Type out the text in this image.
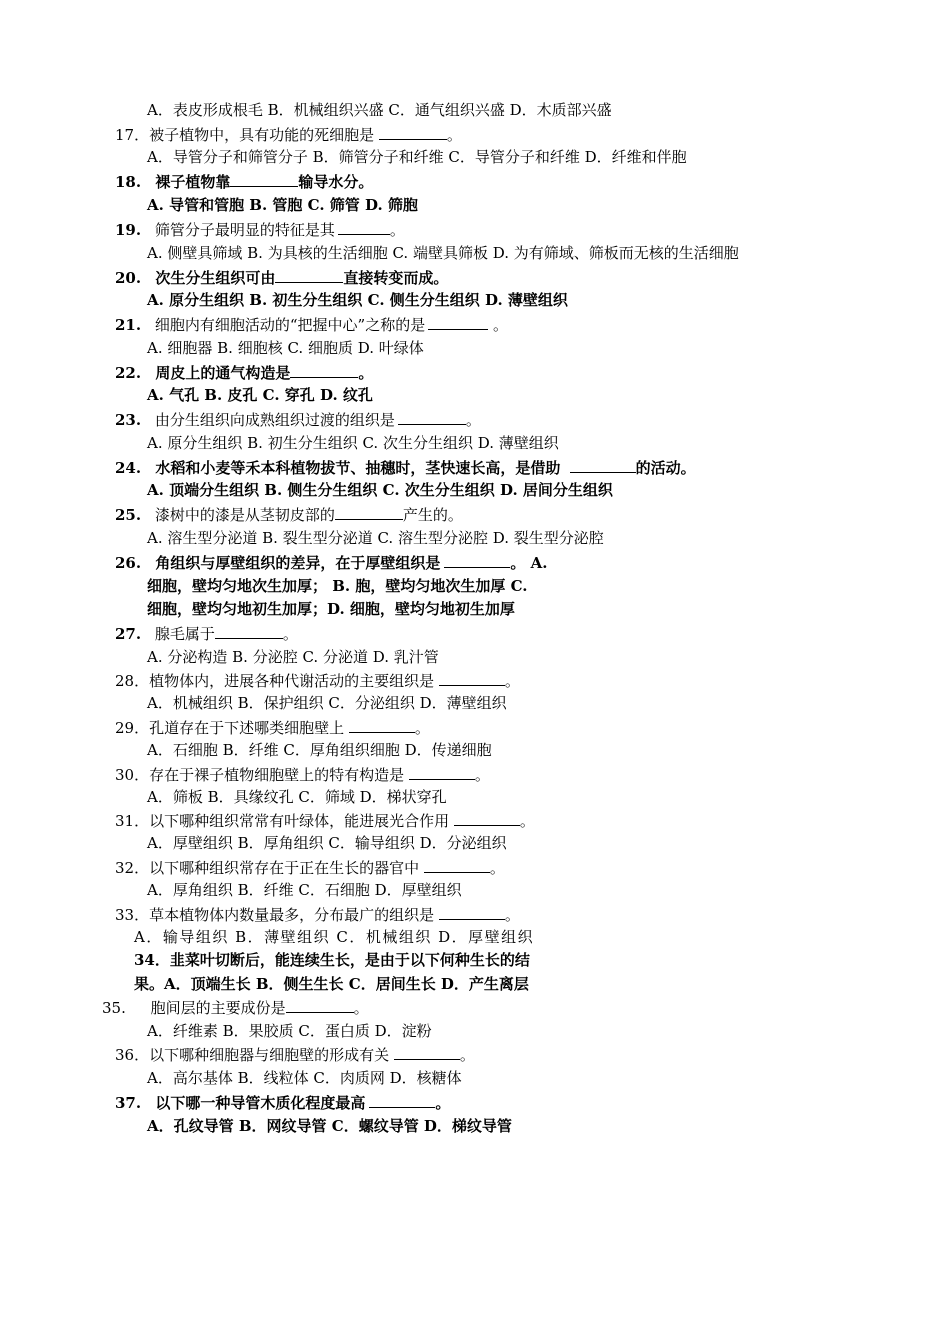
A．表皮形成根毛 B．机械组织兴盛 C．通气组织兴盛 D．木质部兴盛
17．被子植物中，具有功能的死细胞是	。
A．导管分子和筛管分子 B．筛管分子和纤维 C．导管分子和纤维 D．纤维和伴胞
18. 裸子植物靠	输导水分。
A. 导管和管胞 B. 管胞 C. 筛管 D. 筛胞
19. 筛管分子最明显的特征是其	。
A. 侧壁具筛域 B. 为具核的生活细胞 C. 端壁具筛板 D. 为有筛域、筛板而无核的生活细胞
20. 次生分生组织可由	直接转变而成。
A. 原分生组织 B. 初生分生组织 C. 侧生分生组织 D. 薄壁组织
21. 细胞内有细胞活动的“把握中心”之称的是	。
A. 细胞器 B. 细胞核 C. 细胞质 D. 叶绿体
22. 周皮上的通气构造是	。
A. 气孔 B. 皮孔 C. 穿孔 D. 纹孔
23. 由分生组织向成熟组织过渡的组织是	。
A. 原分生组织 B. 初生分生组织 C. 次生分生组织 D. 薄壁组织
24. 水稻和小麦等禾本科植物拔节、抽穗时，茎快速长高，是借助	的活动。
A. 顶端分生组织 B. 侧生分生组织 C. 次生分生组织 D. 居间分生组织
25. 漆树中的漆是从茎韧皮部的	产生的。
A. 溶生型分泌道 B. 裂生型分泌道 C. 溶生型分泌腔 D. 裂生型分泌腔
26. 角组织与厚壁组织的差异，在于厚壁组织是	。 A.
细胞，壁均匀地次生加厚； B. 胞，壁均匀地次生加厚 C.
细胞，壁均匀地初生加厚；D. 细胞，壁均匀地初生加厚
27. 腺毛属于	。
A. 分泌构造 B. 分泌腔 C. 分泌道 D. 乳汁管
28．植物体内，进展各种代谢活动的主要组织是	。
A．机械组织 B．保护组织 C．分泌组织 D．薄壁组织
29．孔道存在于下述哪类细胞壁上	。
A．石细胞 B．纤维 C．厚角组织细胞 D．传递细胞
30．存在于裸子植物细胞壁上的特有构造是	。
A．筛板 B．具缘纹孔 C．筛域 D．梯状穿孔
31．以下哪种组织常常有叶绿体，能进展光合作用	。
A．厚壁组织 B．厚角组织 C．输导组织 D．分泌组织
32．以下哪种组织常存在于正在生长的器官中	。
A．厚角组织 B．纤维 C．石细胞 D．厚壁组织
33．草本植物体内数量最多，分布最广的组织是	。
A．输导组织 B．薄壁组织 C．机械组织 D．厚壁组织
34．韭菜叶切断后，能连续生长，是由于以下何种生长的结
果。A．顶端生长 B．侧生生长 C．居间生长 D．产生离层
35. 胞间层的主要成份是	。
A．纤维素 B．果胶质 C．蛋白质 D．淀粉
36．以下哪种细胞器与细胞壁的形成有关	。
A．高尔基体 B．线粒体 C．肉质网 D．核糖体
37. 以下哪一种导管木质化程度最高	。
A．孔纹导管 B．网纹导管 C．螺纹导管 D．梯纹导管
